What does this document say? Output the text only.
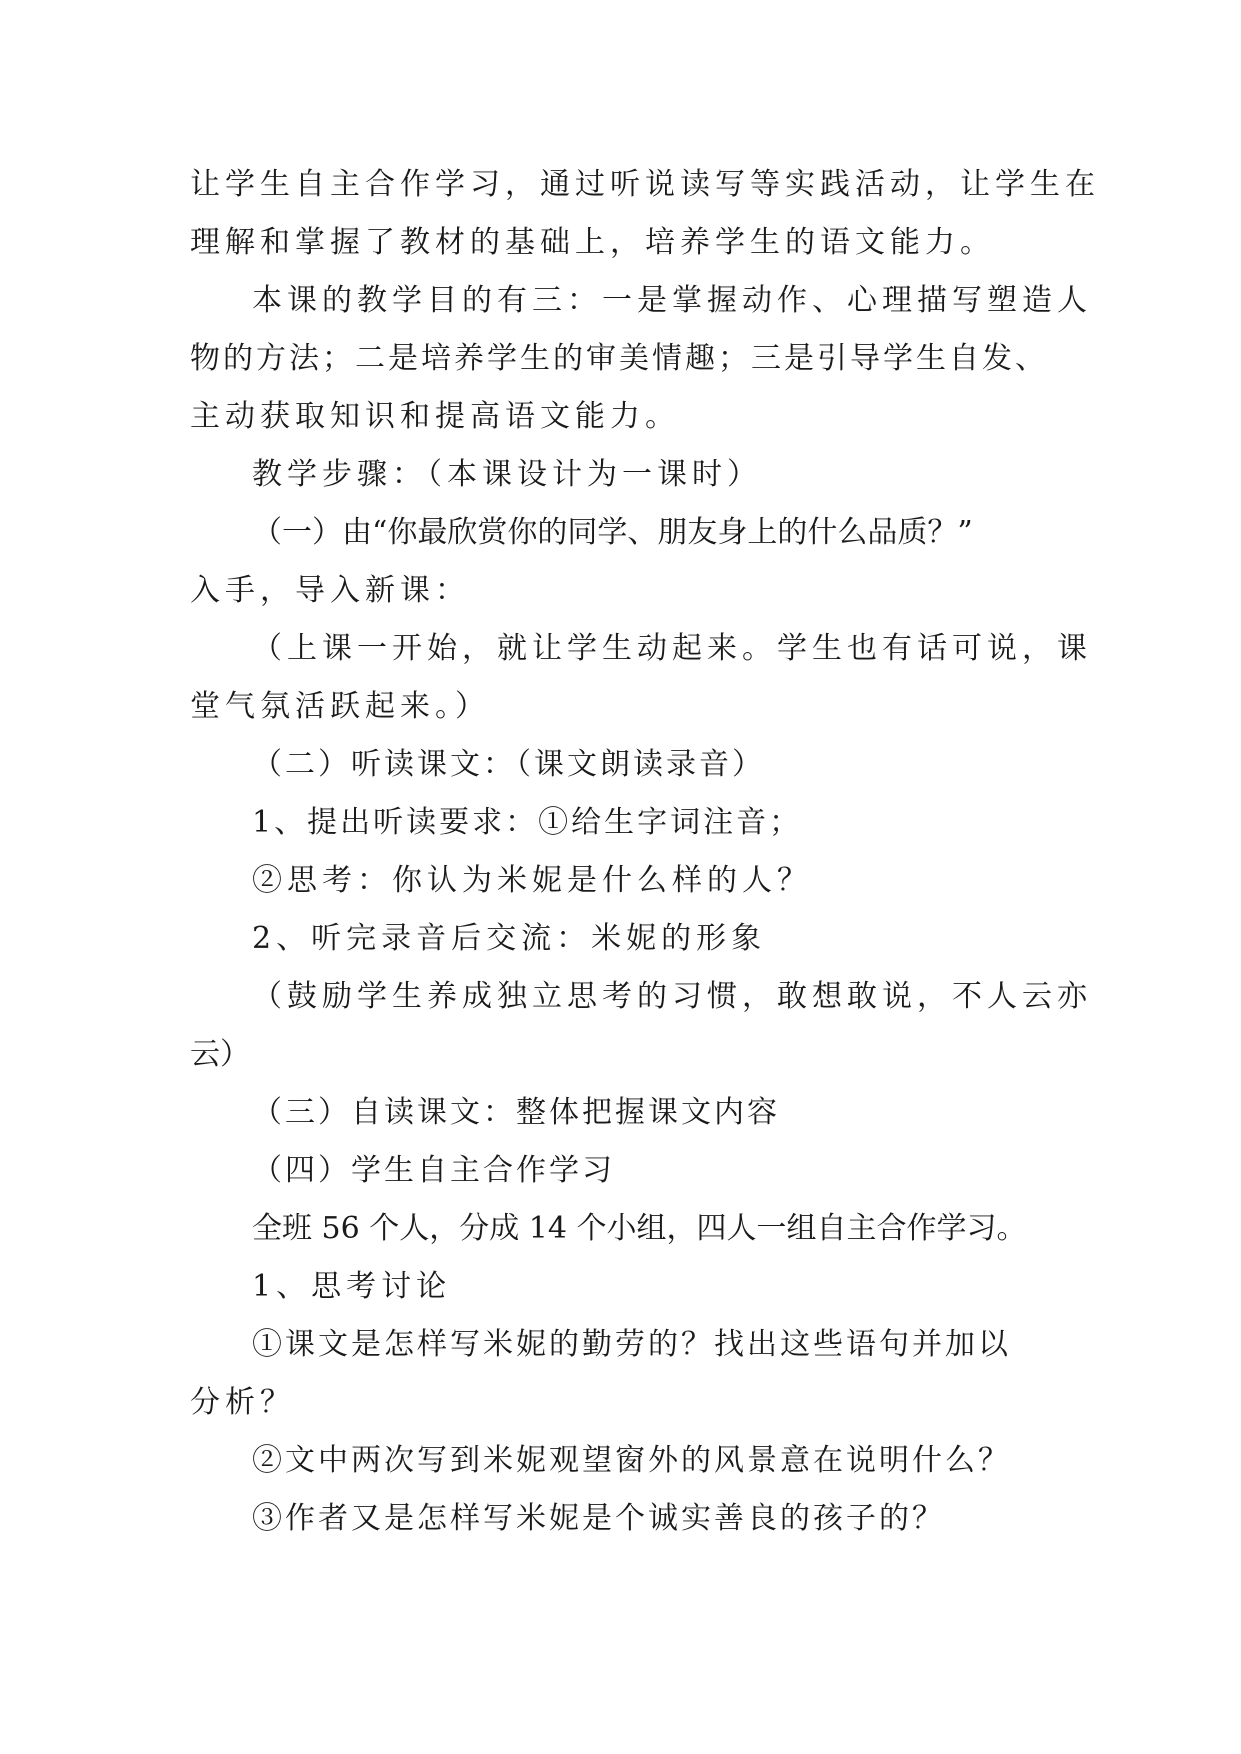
让学生自主合作学习，通过听说读写等实践活动，让学生在
理解和掌握了教材的基础上，培养学生的语文能力。
本课的教学目的有三：一是掌握动作、心理描写塑造人
物的方法；二是培养学生的审美情趣；三是引导学生自发、
主动获取知识和提高语文能力。
教学步骤：（本课设计为一课时）
（一）由“你最欣赏你的同学、朋友身上的什么品质？”
入手，导入新课：
（上课一开始，就让学生动起来。学生也有话可说，课
堂气氛活跃起来。）
（二）听读课文：（课文朗读录音）
1、提出听读要求：①给生字词注音；
②思考：你认为米妮是什么样的人？
2、听完录音后交流：米妮的形象
（鼓励学生养成独立思考的习惯，敢想敢说，不人云亦
云）
（三）自读课文：整体把握课文内容
（四）学生自主合作学习
全班 56 个人，分成 14 个小组，四人一组自主合作学习。
1、思考讨论
①课文是怎样写米妮的勤劳的？找出这些语句并加以
分析？
②文中两次写到米妮观望窗外的风景意在说明什么？
③作者又是怎样写米妮是个诚实善良的孩子的？
